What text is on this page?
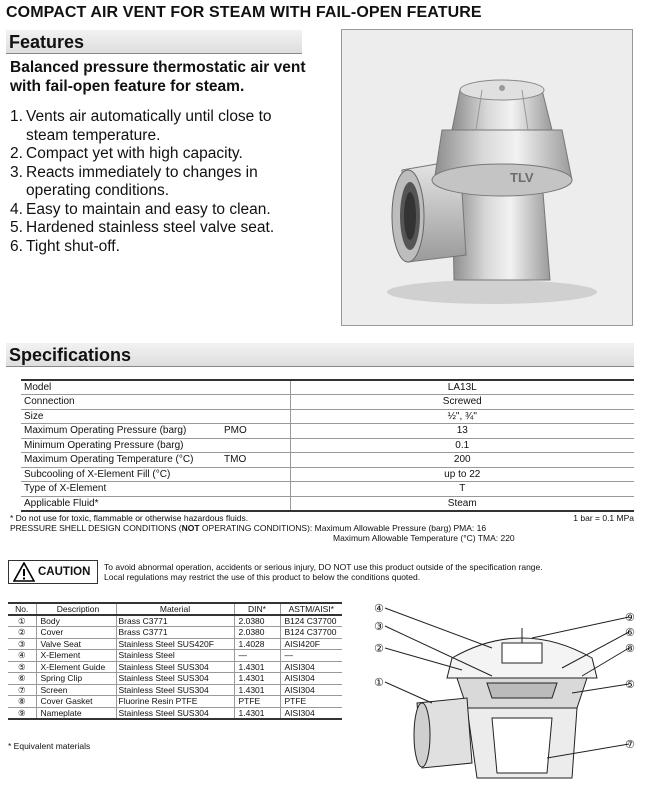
COMPACT AIR VENT FOR STEAM WITH FAIL-OPEN FEATURE
Features
Balanced pressure thermostatic air vent with fail-open feature for steam.
1. Vents air automatically until close to steam temperature.
2. Compact yet with high capacity.
3. Reacts immediately to changes in operating conditions.
4. Easy to maintain and easy to clean.
5. Hardened stainless steel valve seat.
6. Tight shut-off.
TLV
Specifications
Model		LA13L
Connection		Screwed
Size		½", ¾"
Maximum Operating Pressure (barg)	PMO	13
Minimum Operating Pressure (barg)		0.1
Maximum Operating Temperature (°C)	TMO	200
Subcooling of X-Element Fill (°C)		up to 22
Type of X-Element		T
Applicable Fluid*		Steam
* Do not use for toxic, flammable or otherwise hazardous fluids.	1 bar = 0.1 MPa
PRESSURE SHELL DESIGN CONDITIONS (NOT OPERATING CONDITIONS): Maximum Allowable Pressure (barg) PMA: 16
Maximum Allowable Temperature (°C) TMA: 220
CAUTION To avoid abnormal operation, accidents or serious injury, DO NOT use this product outside of the specification range.
Local regulations may restrict the use of this product to below the conditions quoted.
No.	Description	Material	DIN*	ASTM/AISI*
①	Body	Brass C3771	2.0380	B124 C37700
②	Cover	Brass C3771	2.0380	B124 C37700
③	Valve Seat	Stainless Steel SUS420F	1.4028	AISI420F
④	X-Element	Stainless Steel	—	—
⑤	X-Element Guide	Stainless Steel SUS304	1.4301	AISI304
⑥	Spring Clip	Stainless Steel SUS304	1.4301	AISI304
⑦	Screen	Stainless Steel SUS304	1.4301	AISI304
⑧	Cover Gasket	Fluorine Resin PTFE	PTFE	PTFE
⑨	Nameplate	Stainless Steel SUS304	1.4301	AISI304
* Equivalent materials
④
③
②
①
⑨
⑥
⑧
⑤
⑦
